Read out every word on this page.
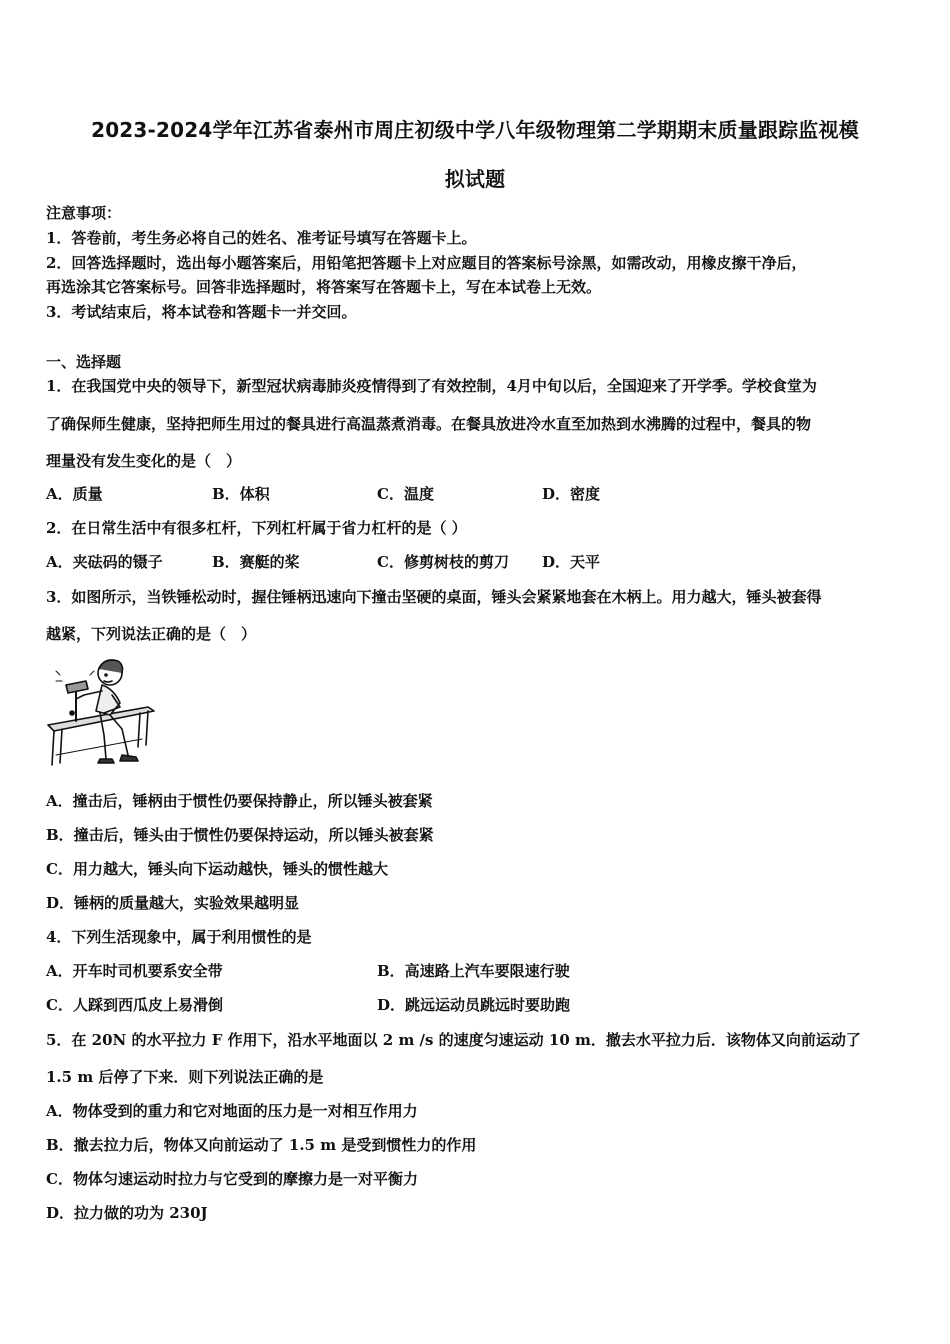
2023-2024学年江苏省泰州市周庄初级中学八年级物理第二学期期末质量跟踪监视模
拟试题
注意事项：
1．答卷前，考生务必将自己的姓名、准考证号填写在答题卡上。
2．回答选择题时，选出每小题答案后，用铅笔把答题卡上对应题目的答案标号涂黑，如需改动，用橡皮擦干净后，
再选涂其它答案标号。回答非选择题时，将答案写在答题卡上，写在本试卷上无效。
3．考试结束后，将本试卷和答题卡一并交回。
一、选择题
1．在我国党中央的领导下，新型冠状病毒肺炎疫情得到了有效控制，4月中旬以后，全国迎来了开学季。学校食堂为
了确保师生健康，坚持把师生用过的餐具进行高温蒸煮消毒。在餐具放进冷水直至加热到水沸腾的过程中，餐具的物
理量没有发生变化的是（　）
A．质量	B．体积	C．温度	D．密度
2．在日常生活中有很多杠杆，下列杠杆属于省力杠杆的是（ ）
A．夹砝码的镊子	B．赛艇的桨	C．修剪树枝的剪刀 D．天平
3．如图所示，当铁锤松动时，握住锤柄迅速向下撞击坚硬的桌面，锤头会紧紧地套在木柄上。用力越大，锤头被套得
越紧，下列说法正确的是（　）
A．撞击后，锤柄由于惯性仍要保持静止，所以锤头被套紧
B．撞击后，锤头由于惯性仍要保持运动，所以锤头被套紧
C．用力越大，锤头向下运动越快，锤头的惯性越大
D．锤柄的质量越大，实验效果越明显
4．下列生活现象中，属于利用惯性的是
A．开车时司机要系安全带	B．高速路上汽车要限速行驶
C．人踩到西瓜皮上易滑倒	D．跳远运动员跳远时要助跑
5．在 20N 的水平拉力 F 作用下，沿水平地面以 2 m /s 的速度匀速运动 10 m．撤去水平拉力后．该物体又向前运动了
1.5 m 后停了下来．则下列说法正确的是
A．物体受到的重力和它对地面的压力是一对相互作用力
B．撤去拉力后，物体又向前运动了 1.5 m 是受到惯性力的作用
C．物体匀速运动时拉力与它受到的摩擦力是一对平衡力
D．拉力做的功为 230J
